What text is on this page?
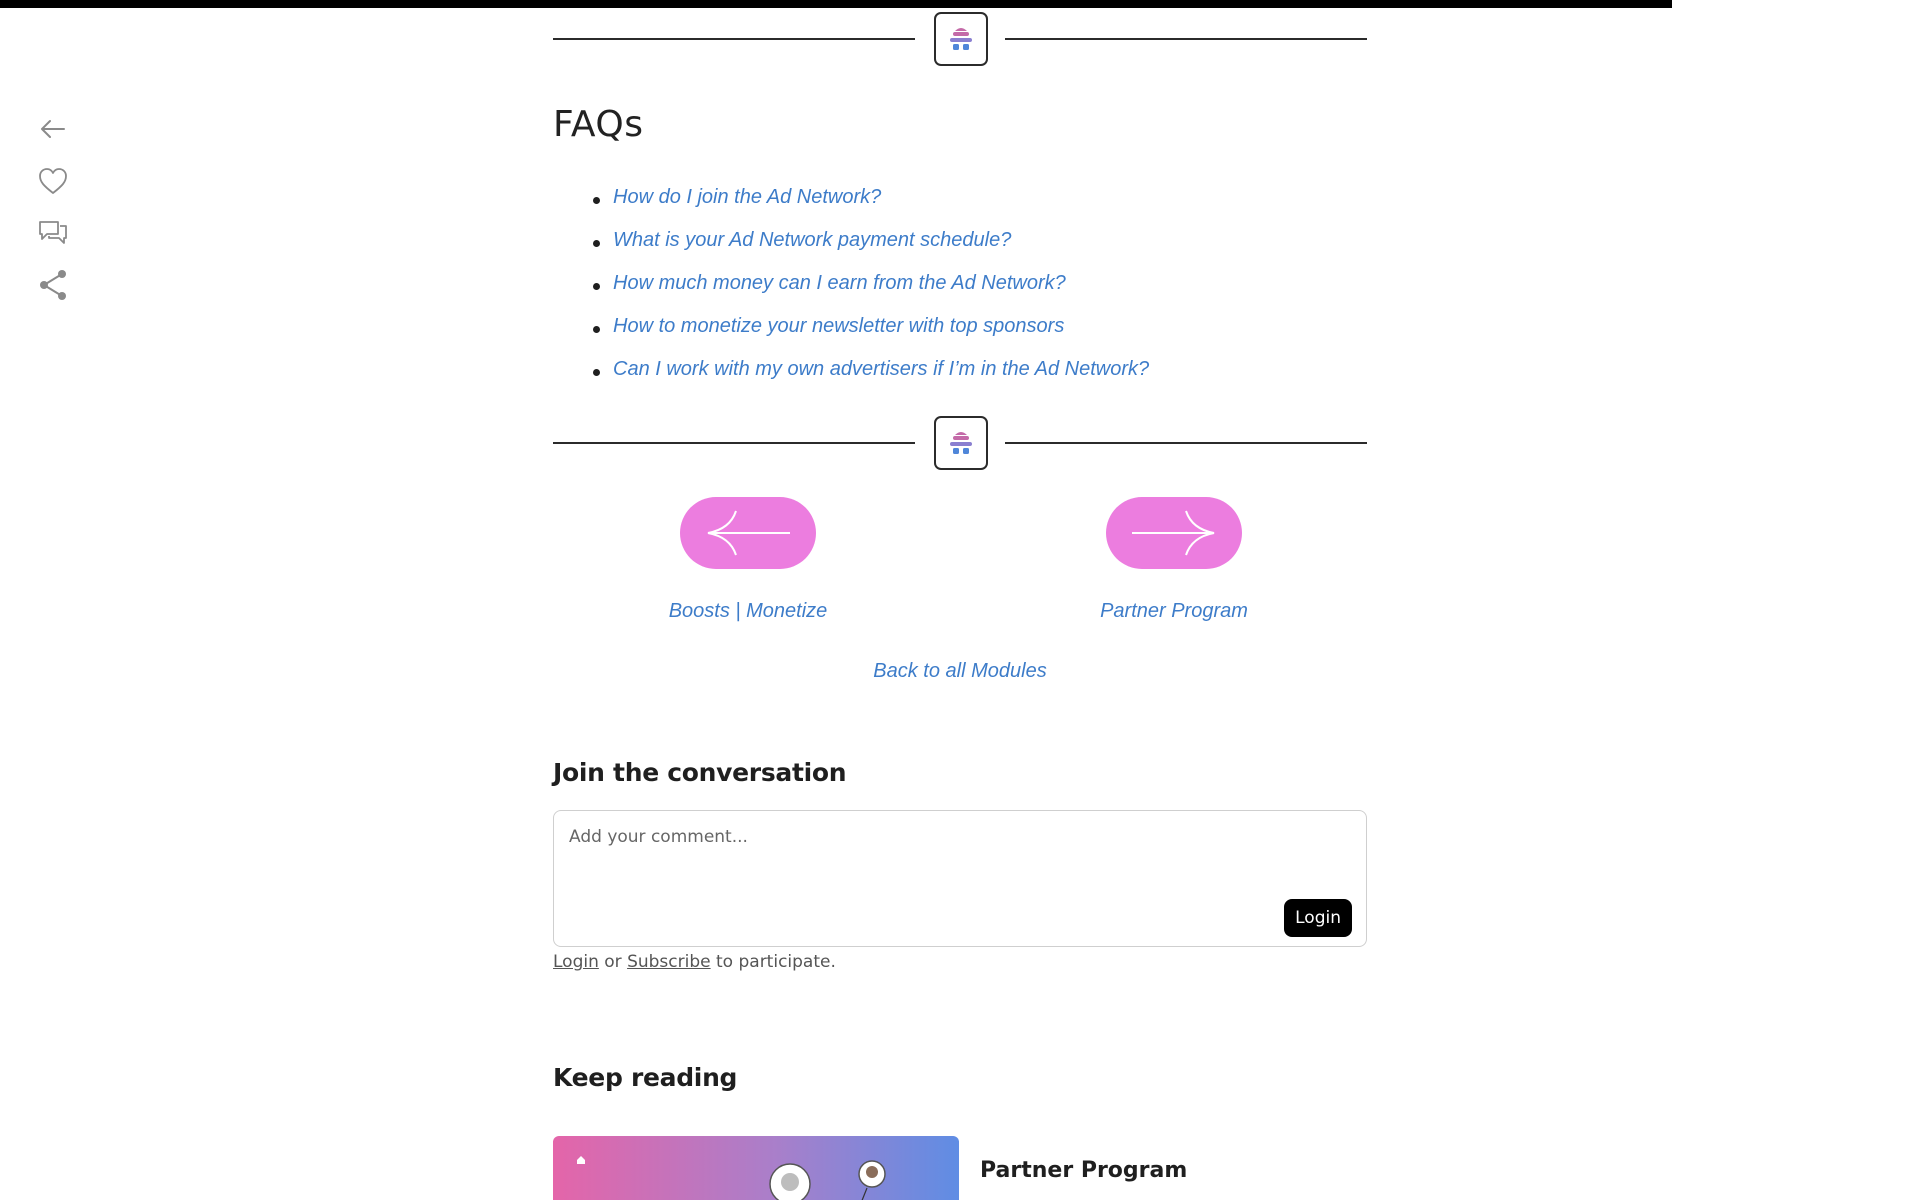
FAQs
How do I join the Ad Network?
What is your Ad Network payment schedule?
How much money can I earn from the Ad Network?
How to monetize your newsletter with top sponsors
Can I work with my own advertisers if I’m in the Ad Network?
Boosts | Monetize	Partner Program
Back to all Modules
Join the conversation
Add your comment...
Login

Login or Subscribe to participate.

Keep reading
Partner Program
